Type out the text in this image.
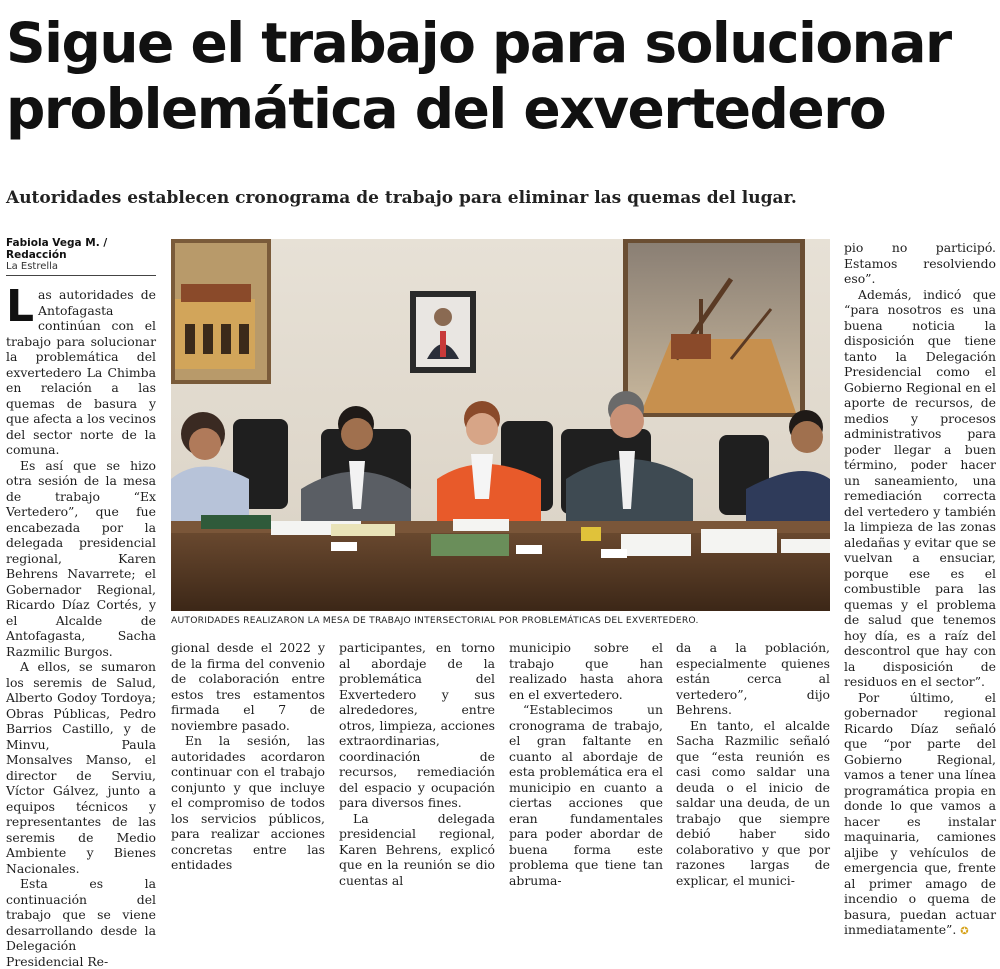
Sigue el trabajo para solucionar problemática del exvertedero
Autoridades establecen cronograma de trabajo para eliminar las quemas del lugar.
Fabiola Vega M. / Redacción
La Estrella

Las autoridades de Antofagasta continúan con el trabajo para solucionar la problemática del exvertedero La Chimba en relación a las quemas de basura y que afecta a los vecinos del sector norte de la comuna.

Es así que se hizo otra sesión de la mesa de trabajo “Ex Vertedero”, que fue encabezada por la delegada presidencial regional, Karen Behrens Navarrete; el Gobernador Regional, Ricardo Díaz Cortés, y el Alcalde de Antofagasta, Sacha Razmilic Burgos.

A ellos, se sumaron los seremis de Salud, Alberto Godoy Tordoya; Obras Públicas, Pedro Barrios Castillo, y de Minvu, Paula Monsalves Manso, el director de Serviu, Víctor Gálvez, junto a equipos técnicos y representantes de las seremis de Medio Ambiente y Bienes Nacionales.

Esta es la continuación del trabajo que se viene desarrollando desde la Delegación Presidencial Re-

AUTORIDADES REALIZARON LA MESA DE TRABAJO INTERSECTORIAL POR PROBLEMÁTICAS DEL EXVERTEDERO.

gional desde el 2022 y de la firma del convenio de colaboración entre estos tres estamentos firmada el 7 de noviembre pasado.

En la sesión, las autoridades acordaron continuar con el trabajo conjunto y que incluye el compromiso de todos los servicios públicos, para realizar acciones concretas entre las entidades

participantes, en torno al abordaje de la problemática del Exvertedero y sus alrededores, entre otros, limpieza, acciones extraordinarias, coordinación de recursos, remediación del espacio y ocupación para diversos fines.

La delegada presidencial regional, Karen Behrens, explicó que en la reunión se dio cuentas al

municipio sobre el trabajo que han realizado hasta ahora en el exvertedero.

“Establecimos un cronograma de trabajo, el gran faltante en cuanto al abordaje de esta problemática era el municipio en cuanto a ciertas acciones que eran fundamentales para poder abordar de buena forma este problema que tiene tan abruma-

da a la población, especialmente quienes están cerca al vertedero”, dijo Behrens.

En tanto, el alcalde Sacha Razmilic señaló que “esta reunión es casi como saldar una deuda o el inicio de saldar una deuda, de un trabajo que siempre debió haber sido colaborativo y que por razones largas de explicar, el munici-

pio no participó. Estamos resolviendo eso”.

Además, indicó que “para nosotros es una buena noticia la disposición que tiene tanto la Delegación Presidencial como el Gobierno Regional en el aporte de recursos, de medios y procesos administrativos para poder llegar a buen término, poder hacer un saneamiento, una remediación correcta del vertedero y también la limpieza de las zonas aledañas y evitar que se vuelvan a ensuciar, porque ese es el combustible para las quemas y el problema de salud que tenemos hoy día, es a raíz del descontrol que hay con la disposición de residuos en el sector”.

Por último, el gobernador regional Ricardo Díaz señaló que “por parte del Gobierno Regional, vamos a tener una línea programática propia en donde lo que vamos a hacer es instalar maquinaria, camiones aljibe y vehículos de emergencia que, frente al primer amago de incendio o quema de basura, puedan actuar inmediatamente”. ✪
